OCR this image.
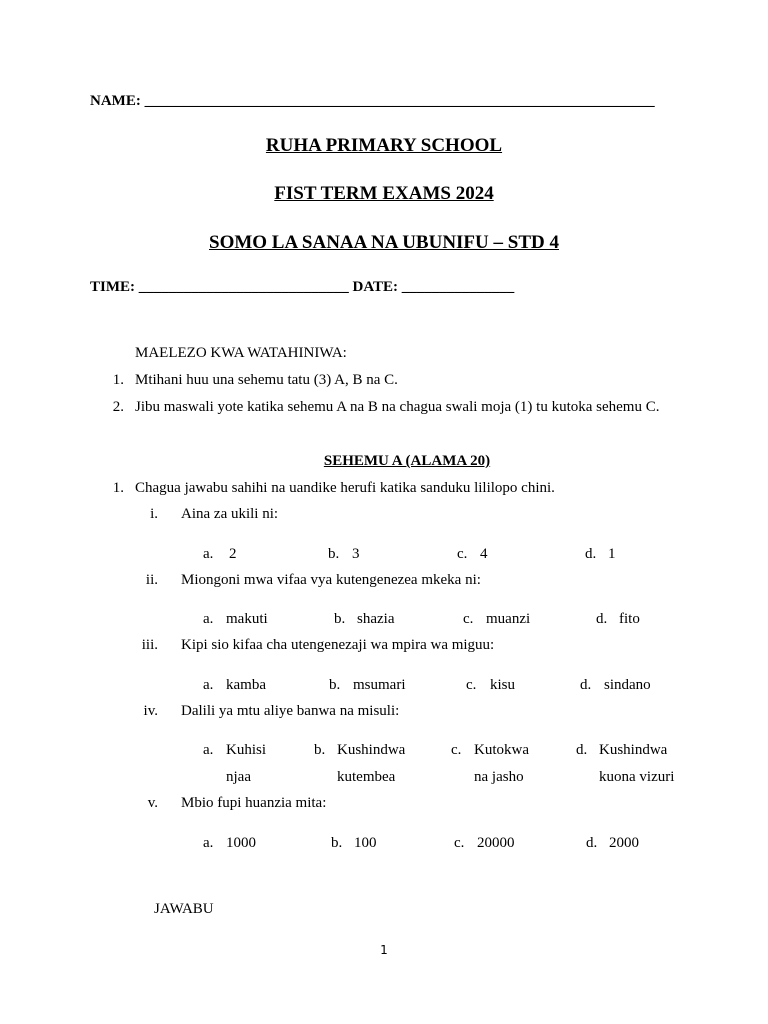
NAME: ____________________________________________________________________
RUHA PRIMARY SCHOOL
FIST TERM EXAMS 2024
SOMO LA SANAA NA UBUNIFU – STD 4
TIME: ____________________________ DATE: _______________
MAELEZO KWA WATAHINIWA:
1. Mtihani huu una sehemu tatu (3) A, B na C.
2. Jibu maswali yote katika sehemu A na B na chagua swali moja (1) tu kutoka sehemu C.
SEHEMU A (ALAMA 20)
1. Chagua jawabu sahihi na uandike herufi katika sanduku lililopo chini.
i. Aina za ukili ni:
a. 2	b. 3	c. 4	d. 1
ii. Miongoni mwa vifaa vya kutengenezea mkeka ni:
a. makuti	b. shazia	c. muanzi	d. fito
iii. Kipi sio kifaa cha utengenezaji wa mpira wa miguu:
a. kamba	b. msumari	c. kisu	d. sindano
iv. Dalili ya mtu aliye banwa na misuli:
a. Kuhisi
njaa
b. Kushindwa
kutembea
c. Kutokwa
na jasho
d. Kushindwa
kuona vizuri
v. Mbio fupi huanzia mita:
a. 1000	b. 100	c. 20000	d. 2000
JAWABU
1
